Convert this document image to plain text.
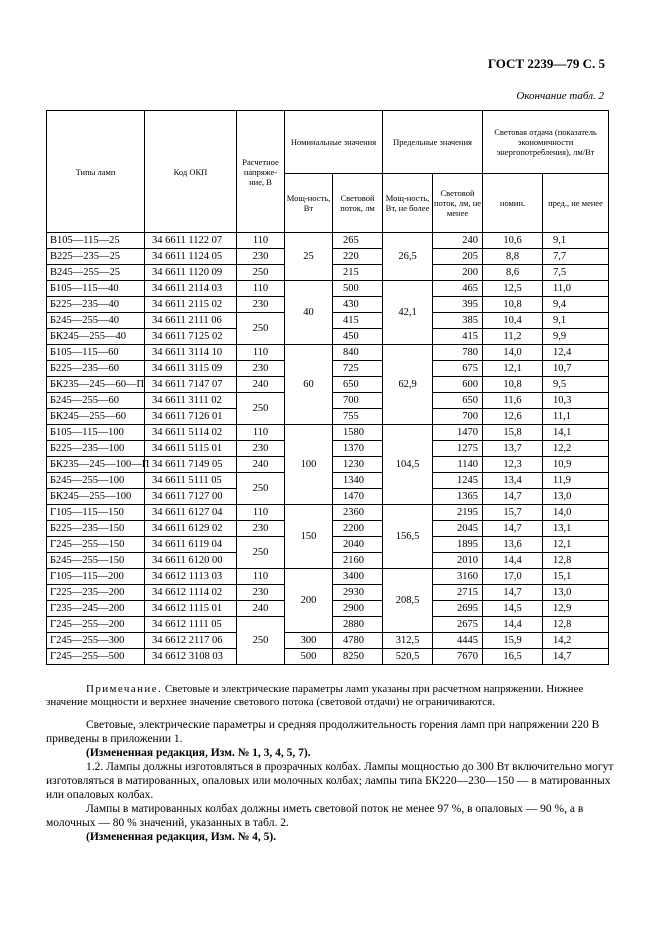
ГОСТ 2239—79 С. 5
Окончание табл. 2
Типы ламп	Код ОКП	Расчетное напряже-ние, В	Номинальные значения		Предельные значения		Световая отдача (показатель экономичности энергопотребления), лм/Вт	
			Мощ-ность, Вт	Световой поток, лм	Мощ-ность, Вт, не более	Световой поток, лм, не менее	номин.	пред., не менее
В105—115—25	34 6611 1122 07	110	25	265	26,5	240	10,6	9,1
В225—235—25	34 6611 1124 05	230		220		205	8,8	7,7
В245—255—25	34 6611 1120 09	250		215		200	8,6	7,5
Б105—115—40	34 6611 2114 03	110	40	500	42,1	465	12,5	11,0
Б225—235—40	34 6611 2115 02	230		430		395	10,8	9,4
Б245—255—40	34 6611 2111 06	250		415		385	10,4	9,1
БК245—255—40	34 6611 7125 02			450		415	11,2	9,9
Б105—115—60	34 6611 3114 10	110	60	840	62,9	780	14,0	12,4
Б225—235—60	34 6611 3115 09	230		725		675	12,1	10,7
БК235—245—60—П	34 6611 7147 07	240		650		600	10,8	9,5
Б245—255—60	34 6611 3111 02	250		700		650	11,6	10,3
БК245—255—60	34 6611 7126 01			755		700	12,6	11,1
Б105—115—100	34 6611 5114 02	110	100	1580	104,5	1470	15,8	14,1
Б225—235—100	34 6611 5115 01	230		1370		1275	13,7	12,2
БК235—245—100—П	34 6611 7149 05	240		1230		1140	12,3	10,9
Б245—255—100	34 6611 5111 05	250		1340		1245	13,4	11,9
БК245—255—100	34 6611 7127 00			1470		1365	14,7	13,0
Г105—115—150	34 6611 6127 04	110	150	2360	156,5	2195	15,7	14,0
Б225—235—150	34 6611 6129 02	230		2200		2045	14,7	13,1
Г245—255—150	34 6611 6119 04	250		2040		1895	13,6	12,1
Б245—255—150	34 6611 6120 00			2160		2010	14,4	12,8
Г105—115—200	34 6612 1113 03	110	200	3400	208,5	3160	17,0	15,1
Г225—235—200	34 6612 1114 02	230		2930		2715	14,7	13,0
Г235—245—200	34 6612 1115 01	240		2900		2695	14,5	12,9
Г245—255—200	34 6612 1111 05	250		2880		2675	14,4	12,8
Г245—255—300	34 6612 2117 06		300	4780	312,5	4445	15,9	14,2
Г245—255—500	34 6612 3108 03		500	8250	520,5	7670	16,5	14,7
Примечание. Световые и электрические параметры ламп указаны при расчетном напряжении. Нижнее значение мощности и верхнее значение светового потока (световой отдачи) не ограничиваются.
Световые, электрические параметры и средняя продолжительность горения ламп при напряжении 220 В приведены в приложении 1.
(Измененная редакция, Изм. № 1, 3, 4, 5, 7).
1.2. Лампы должны изготовляться в прозрачных колбах. Лампы мощностью до 300 Вт включительно могут изготовляться в матированных, опаловых или молочных колбах; лампы типа БК220—230—150 — в матированных или опаловых колбах.
Лампы в матированных колбах должны иметь световой поток не менее 97 %, в опаловых — 90 %, а в молочных — 80 % значений, указанных в табл. 2.
(Измененная редакция, Изм. № 4, 5).
